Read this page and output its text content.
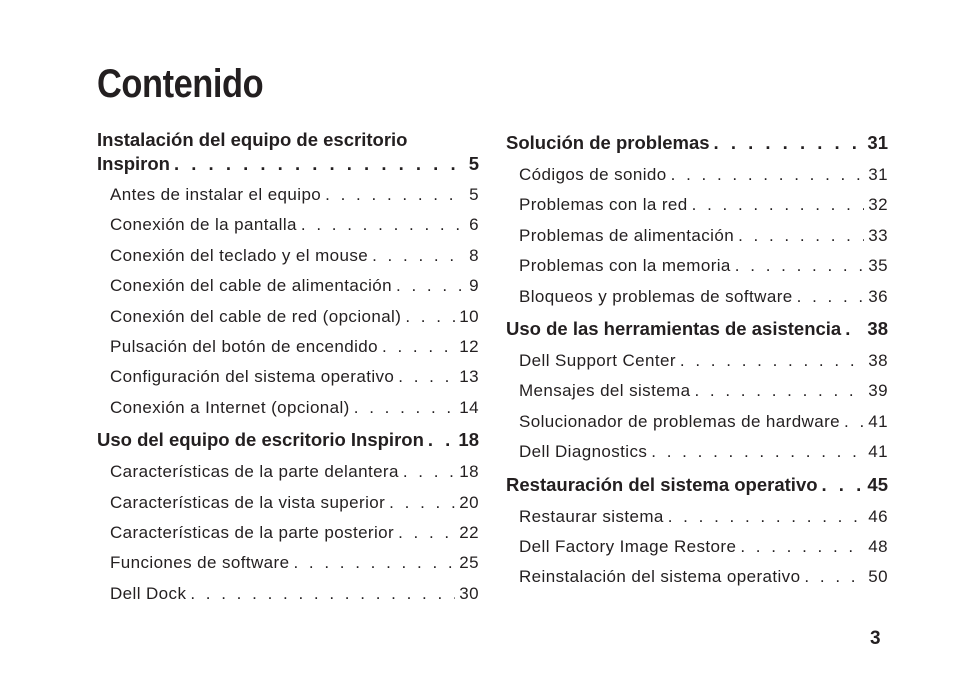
Contenido
Instalación del equipo de escritorio
Inspiron . . .	5
Antes de instalar el equipo . . .	5
Conexión de la pantalla . . .	6
Conexión del teclado y el mouse . . .	8
Conexión del cable de alimentación . . .	9
Conexión del cable de red (opcional) . . .	10
Pulsación del botón de encendido . . .	12
Configuración del sistema operativo . . .	13
Conexión a Internet (opcional) . . .	14
Uso del equipo de escritorio Inspiron . . . 18
Características de la parte delantera . . .	18
Características de la vista superior . . .	20
Características de la parte posterior . . .	22
Funciones de software . . .	25
Dell Dock . . .	30
Solución de problemas . . .	31
Códigos de sonido . . .	31
Problemas con la red . . .	32
Problemas de alimentación . . .	33
Problemas con la memoria . . .	35
Bloqueos y problemas de software . . .	36
Uso de las herramientas de asistencia . . . 38
Dell Support Center . . .	38
Mensajes del sistema . . .	39
Solucionador de problemas de hardware . . . 41
Dell Diagnostics . . .	41
Restauración del sistema operativo . . .	45
Restaurar sistema . . .	46
Dell Factory Image Restore . . .	48
Reinstalación del sistema operativo . . .	50
3
